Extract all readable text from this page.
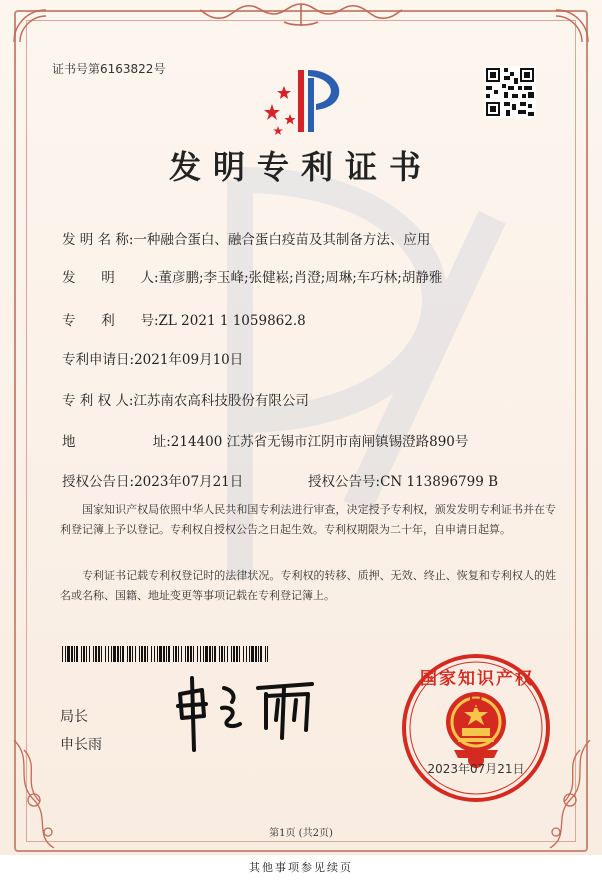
证书号第6163822号
发明专利证书
发 明 名 称:一种融合蛋白、融合蛋白疫苗及其制备方法、应用
发      明      人:董彦鹏;李玉峰;张健崧;肖澄;周琳;车巧林;胡静雅
专      利      号:ZL 2021 1 1059862.8
专利申请日:2021年09月10日
专 利 权 人:江苏南农高科技股份有限公司
地                  址:214400 江苏省无锡市江阴市南闸镇锡澄路890号
授权公告日:2023年07月21日	授权公告号:CN 113896799 B
国家知识产权局依照中华人民共和国专利法进行审查，决定授予专利权，颁发发明专利证书并在专利登记簿上予以登记。专利权自授权公告之日起生效。专利权期限为二十年，自申请日起算。
专利证书记载专利权登记时的法律状况。专利权的转移、质押、无效、终止、恢复和专利权人的姓名或名称、国籍、地址变更等事项记载在专利登记簿上。
局长
申长雨
国家知识产权局
2023年07月21日
第1页 (共2页)
其他事项参见续页
